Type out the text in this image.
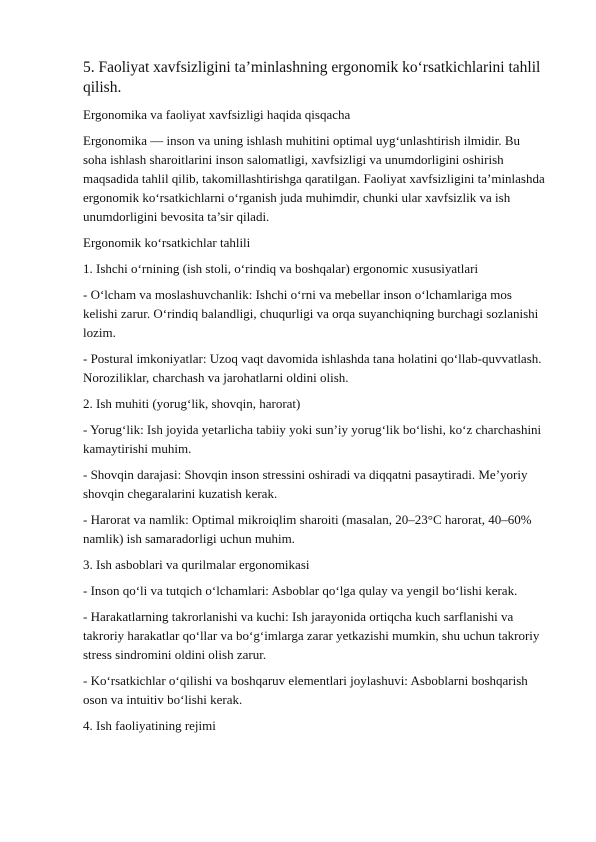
5. Faoliyat xavfsizligini ta’minlashning ergonomik ko‘rsatkichlarini tahlil qilish.
Ergonomika va faoliyat xavfsizligi haqida qisqacha
Ergonomika — inson va uning ishlash muhitini optimal uyg‘unlashtirish ilmidir. Bu soha ishlash sharoitlarini inson salomatligi, xavfsizligi va unumdorligini oshirish maqsadida tahlil qilib, takomillashtirishga qaratilgan. Faoliyat xavfsizligini ta’minlashda ergonomik ko‘rsatkichlarni o‘rganish juda muhimdir, chunki ular xavfsizlik va ish unumdorligini bevosita ta’sir qiladi.
Ergonomik ko‘rsatkichlar tahlili
1. Ishchi o‘rnining (ish stoli, o‘rindiq va boshqalar) ergonomic xususiyatlari
- O‘lcham va moslashuvchanlik: Ishchi o‘rni va mebellar inson o‘lchamlariga mos kelishi zarur. O‘rindiq balandligi, chuqurligi va orqa suyanchiqning burchagi sozlanishi lozim.
- Postural imkoniyatlar: Uzoq vaqt davomida ishlashda tana holatini qo‘llab-quvvatlash. Noroziliklar, charchash va jarohatlarni oldini olish.
2. Ish muhiti (yorug‘lik, shovqin, harorat)
- Yorug‘lik: Ish joyida yetarlicha tabiiy yoki sun’iy yorug‘lik bo‘lishi, ko‘z charchashini kamaytirishi muhim.
- Shovqin darajasi: Shovqin inson stressini oshiradi va diqqatni pasaytiradi. Me’yoriy shovqin chegaralarini kuzatish kerak.
- Harorat va namlik: Optimal mikroiqlim sharoiti (masalan, 20–23°C harorat, 40–60% namlik) ish samaradorligi uchun muhim.
3. Ish asboblari va qurilmalar ergonomikasi
- Inson qo‘li va tutqich o‘lchamlari: Asboblar qo‘lga qulay va yengil bo‘lishi kerak.
- Harakatlarning takrorlanishi va kuchi: Ish jarayonida ortiqcha kuch sarflanishi va takroriy harakatlar qo‘llar va bo‘g‘imlarga zarar yetkazishi mumkin, shu uchun takroriy stress sindromini oldini olish zarur.
- Ko‘rsatkichlar o‘qilishi va boshqaruv elementlari joylashuvi: Asboblarni boshqarish oson va intuitiv bo‘lishi kerak.
4. Ish faoliyatining rejimi
